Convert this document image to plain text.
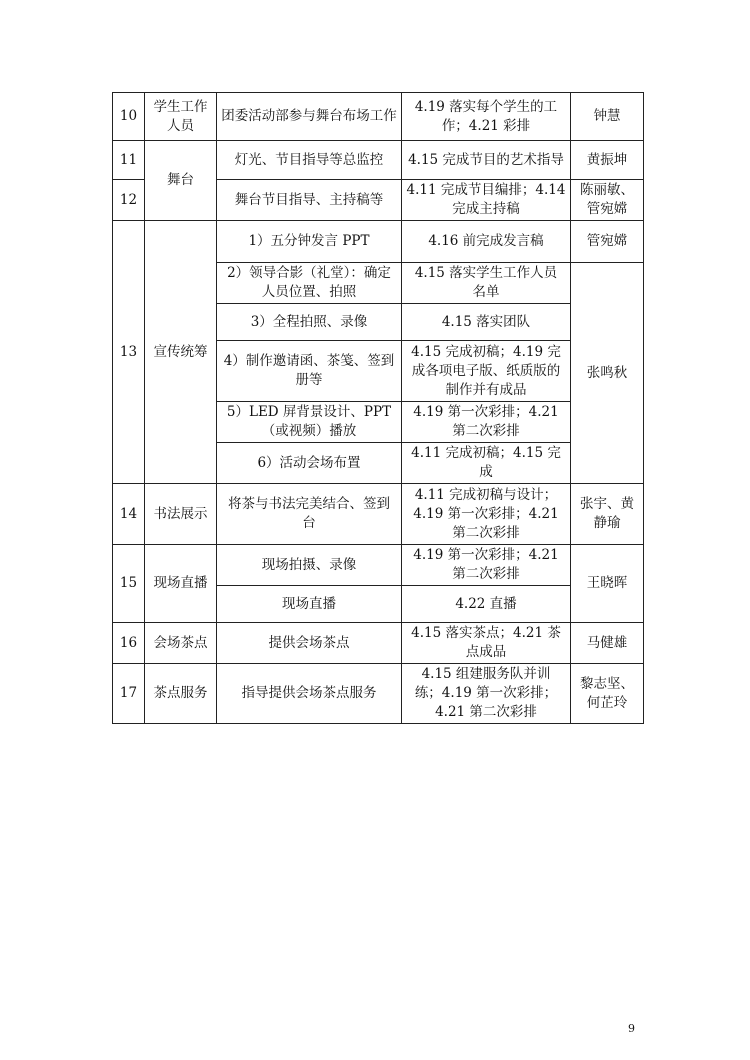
10	学生工作人员	团委活动部参与舞台布场工作	4.19 落实每个学生的工作；4.21 彩排	钟慧
11	舞台	灯光、节目指导等总监控	4.15 完成节目的艺术指导	黄振坤
12		舞台节目指导、主持稿等	4.11 完成节目编排；4.14 完成主持稿	陈丽敏、管宛嫦
13	宣传统筹	1）五分钟发言 PPT	4.16 前完成发言稿	管宛嫦
		2）领导合影（礼堂）：确定人员位置、拍照	4.15 落实学生工作人员名单	张鸣秋
		3）全程拍照、录像	4.15 落实团队	
		4）制作邀请函、茶笺、签到册等	4.15 完成初稿；4.19 完成各项电子版、纸质版的制作并有成品	
		5）LED 屏背景设计、PPT（或视频）播放	4.19 第一次彩排；4.21 第二次彩排	
		6）活动会场布置	4.11 完成初稿；4.15 完成	
14	书法展示	将茶与书法完美结合、签到台	4.11 完成初稿与设计；4.19 第一次彩排；4.21 第二次彩排	张宇、黄静瑜
15	现场直播	现场拍摄、录像	4.19 第一次彩排；4.21 第二次彩排	王晓晖
		现场直播	4.22 直播	
16	会场茶点	提供会场茶点	4.15 落实茶点；4.21 茶点成品	马健雄
17	茶点服务	指导提供会场茶点服务	4.15 组建服务队并训练；4.19 第一次彩排；4.21 第二次彩排	黎志坚、何芷玲
9
